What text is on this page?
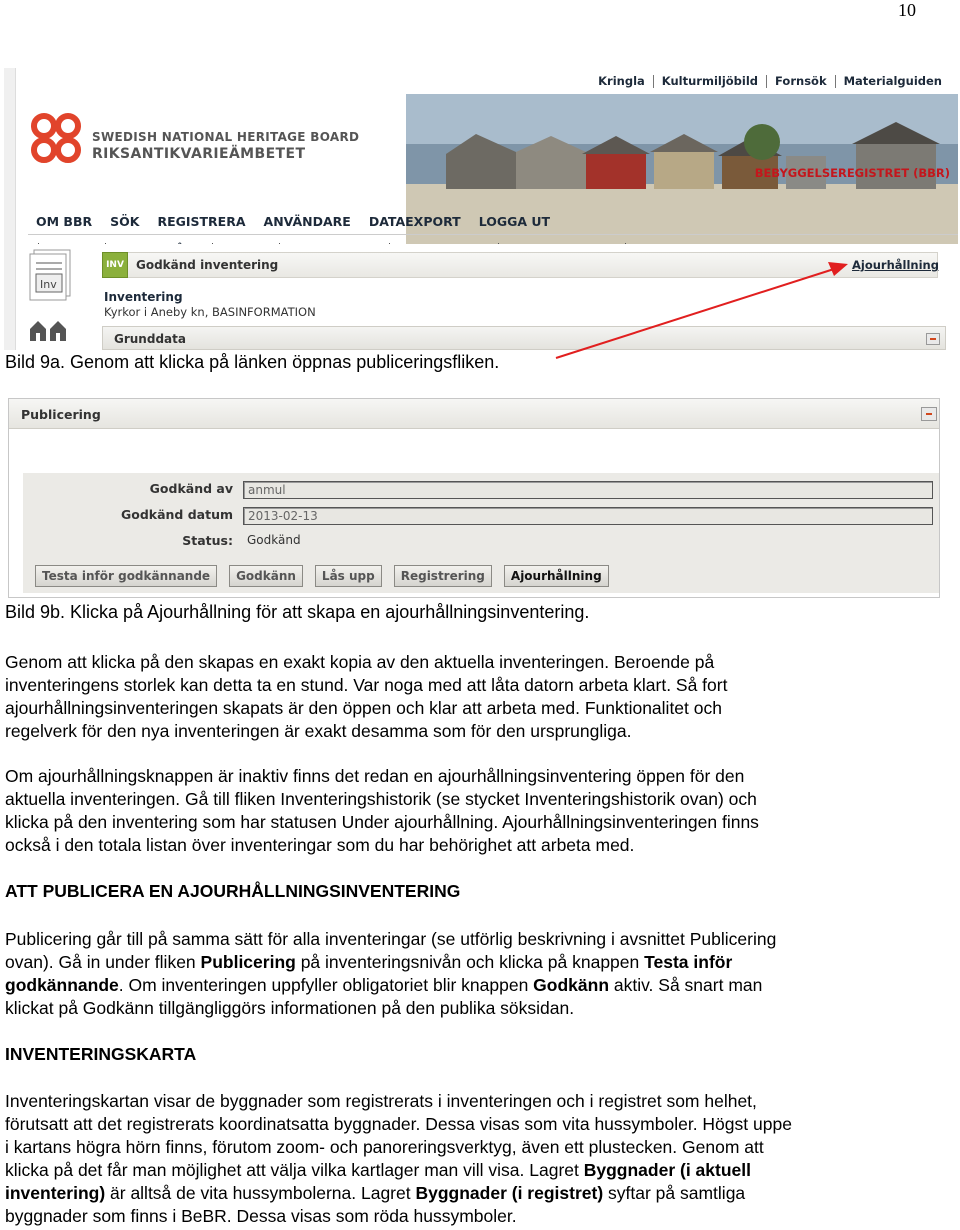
10
Kringla Kulturmiljöbild Fornsök Materialguiden
SWEDISH NATIONAL HERITAGE BOARD
RIKSANTIKVARIEÄMBETET
BEBYGGELSEREGISTRET (BBR)
OM BBR SÖK REGISTRERA ANVÄNDARE DATAEXPORT LOGGA UT
Inv

INV	Godkänd inventering	Ajourhållning
Inventering
Kyrkor i Aneby kn, BASINFORMATION
Grunddata
Bild 9a. Genom att klicka på länken öppnas publiceringsfliken.
Publicering
Godkänd av	anmul
Godkänd datum	2013-02-13
Status:	Godkänd
Testa inför godkännande	Godkänn	Lås upp	Registrering	Ajourhållning
Bild 9b. Klicka på Ajourhållning för att skapa en ajourhållningsinventering.
Genom att klicka på den skapas en exakt kopia av den aktuella inventeringen. Beroende på
inventeringens storlek kan detta ta en stund. Var noga med att låta datorn arbeta klart. Så fort
ajourhållningsinventeringen skapats är den öppen och klar att arbeta med. Funktionalitet och
regelverk för den nya inventeringen är exakt desamma som för den ursprungliga.
Om ajourhållningsknappen är inaktiv finns det redan en ajourhållningsinventering öppen för den
aktuella inventeringen. Gå till fliken Inventeringshistorik (se stycket Inventeringshistorik ovan) och
klicka på den inventering som har statusen Under ajourhållning. Ajourhållningsinventeringen finns
också i den totala listan över inventeringar som du har behörighet att arbeta med.
ATT PUBLICERA EN AJOURHÅLLNINGSINVENTERING
Publicering går till på samma sätt för alla inventeringar (se utförlig beskrivning i avsnittet Publicering
ovan). Gå in under fliken Publicering på inventeringsnivån och klicka på knappen Testa inför
godkännande. Om inventeringen uppfyller obligatoriet blir knappen Godkänn aktiv. Så snart man
klickat på Godkänn tillgängliggörs informationen på den publika söksidan.
INVENTERINGSKARTA
Inventeringskartan visar de byggnader som registrerats i inventeringen och i registret som helhet,
förutsatt att det registrerats koordinatsatta byggnader. Dessa visas som vita hussymboler. Högst uppe
i kartans högra hörn finns, förutom zoom- och panoreringsverktyg, även ett plustecken. Genom att
klicka på det får man möjlighet att välja vilka kartlager man vill visa. Lagret Byggnader (i aktuell
inventering) är alltså de vita hussymbolerna. Lagret Byggnader (i registret) syftar på samtliga
byggnader som finns i BeBR. Dessa visas som röda hussymboler.
